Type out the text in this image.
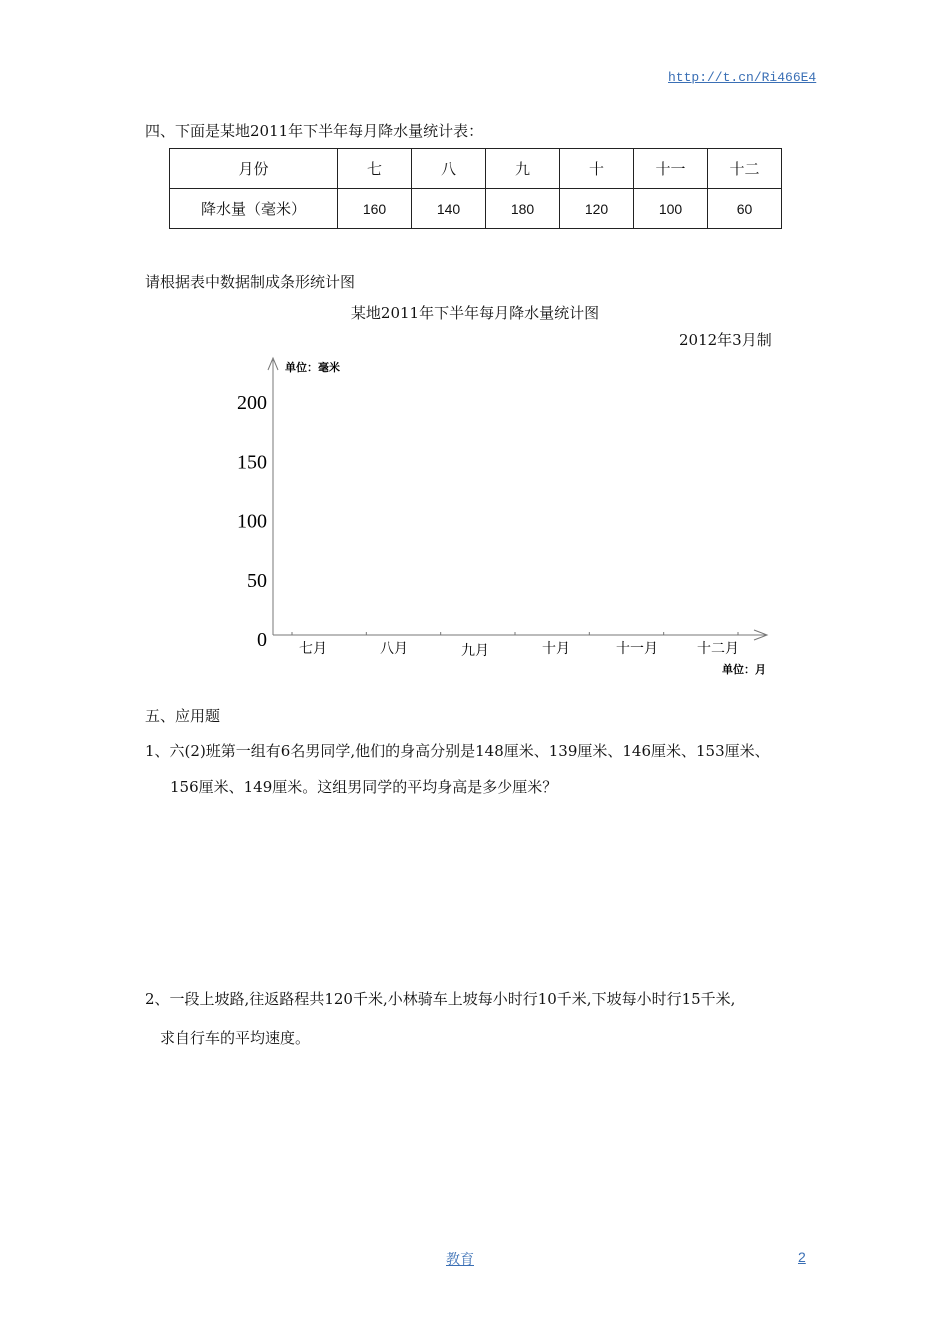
http://t.cn/Ri466E4
四、下面是某地2011年下半年每月降水量统计表：
月份	七	八	九	十	十一	十二
降水量（毫米）	160	140	180	120	100	60
请根据表中数据制成条形统计图
某地2011年下半年每月降水量统计图
2012年3月制
单位：毫米
单位：月
0
50
100
150
200
七月	八月	九月	十月	十一月	十二月
五、应用题
1、六(2)班第一组有6名男同学,他们的身高分别是148厘米、139厘米、146厘米、153厘米、
156厘米、149厘米。这组男同学的平均身高是多少厘米？
2、一段上坡路,往返路程共120千米,小林骑车上坡每小时行10千米,下坡每小时行15千米,
求自行车的平均速度。
教育	2
